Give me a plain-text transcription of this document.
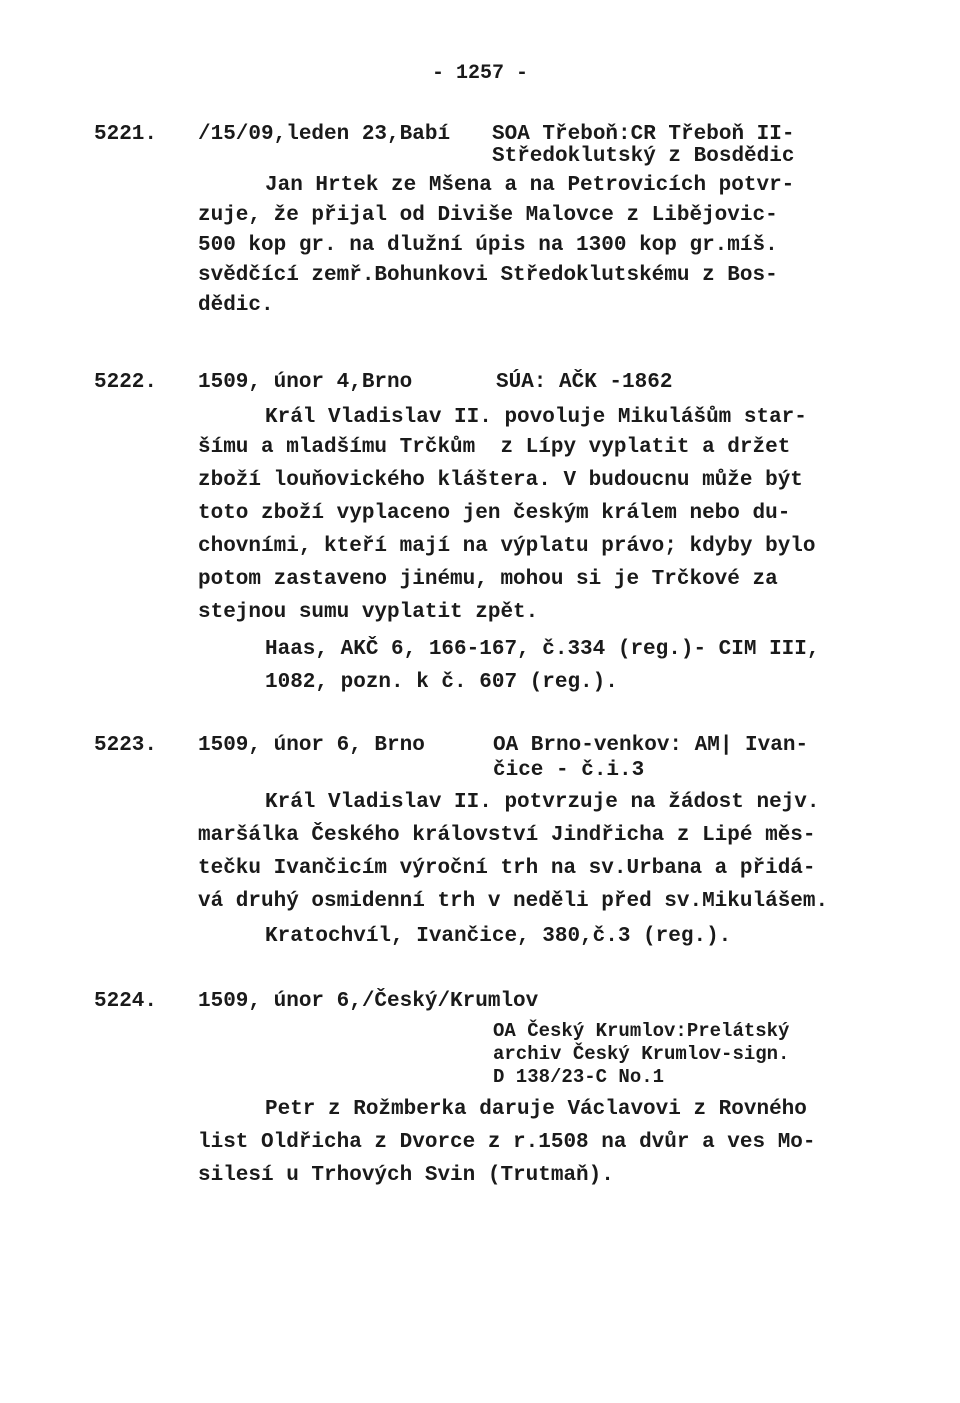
- 1257 -
5221. /15/09,leden 23,Babí SOA Třeboň:CR Třeboň II-
Středoklutský z Bosdědic
Jan Hrtek ze Mšena a na Petrovicích potvr-
zuje, že přijal od Diviše Malovce z Libějovic-
500 kop gr. na dlužní úpis na 1300 kop gr.míš.
svědčící zemř.Bohunkovi Středoklutskému z Bos-
dědic.
5222. 1509, únor 4,Brno	SÚA: AČK -1862
Král Vladislav II. povoluje Mikulášům star-
šímu a mladšímu Trčkům  z Lípy vyplatit a držet
zboží louňovického kláštera. V budoucnu může být
toto zboží vyplaceno jen českým králem nebo du-
chovními, kteří mají na výplatu právo; kdyby bylo
potom zastaveno jinému, mohou si je Trčkové za
stejnou sumu vyplatit zpět.
Haas, AKČ 6, 166-167, č.334 (reg.)- CIM III,
1082, pozn. k č. 607 (reg.).
5223. 1509, únor 6, Brno	OA Brno-venkov: AM| Ivan-
čice - č.i.3
Král Vladislav II. potvrzuje na žádost nejv.
maršálka Českého království Jindřicha z Lipé měs-
tečku Ivančicím výroční trh na sv.Urbana a přidá-
vá druhý osmidenní trh v neděli před sv.Mikulášem.
Kratochvíl, Ivančice, 380,č.3 (reg.).
5224. 1509, únor 6,/Český/Krumlov
OA Český Krumlov:Prelátský
archiv Český Krumlov-sign.
D 138/23-C No.1
Petr z Rožmberka daruje Václavovi z Rovného
list Oldřicha z Dvorce z r.1508 na dvůr a ves Mo-
silesí u Trhových Svin (Trutmaň).
